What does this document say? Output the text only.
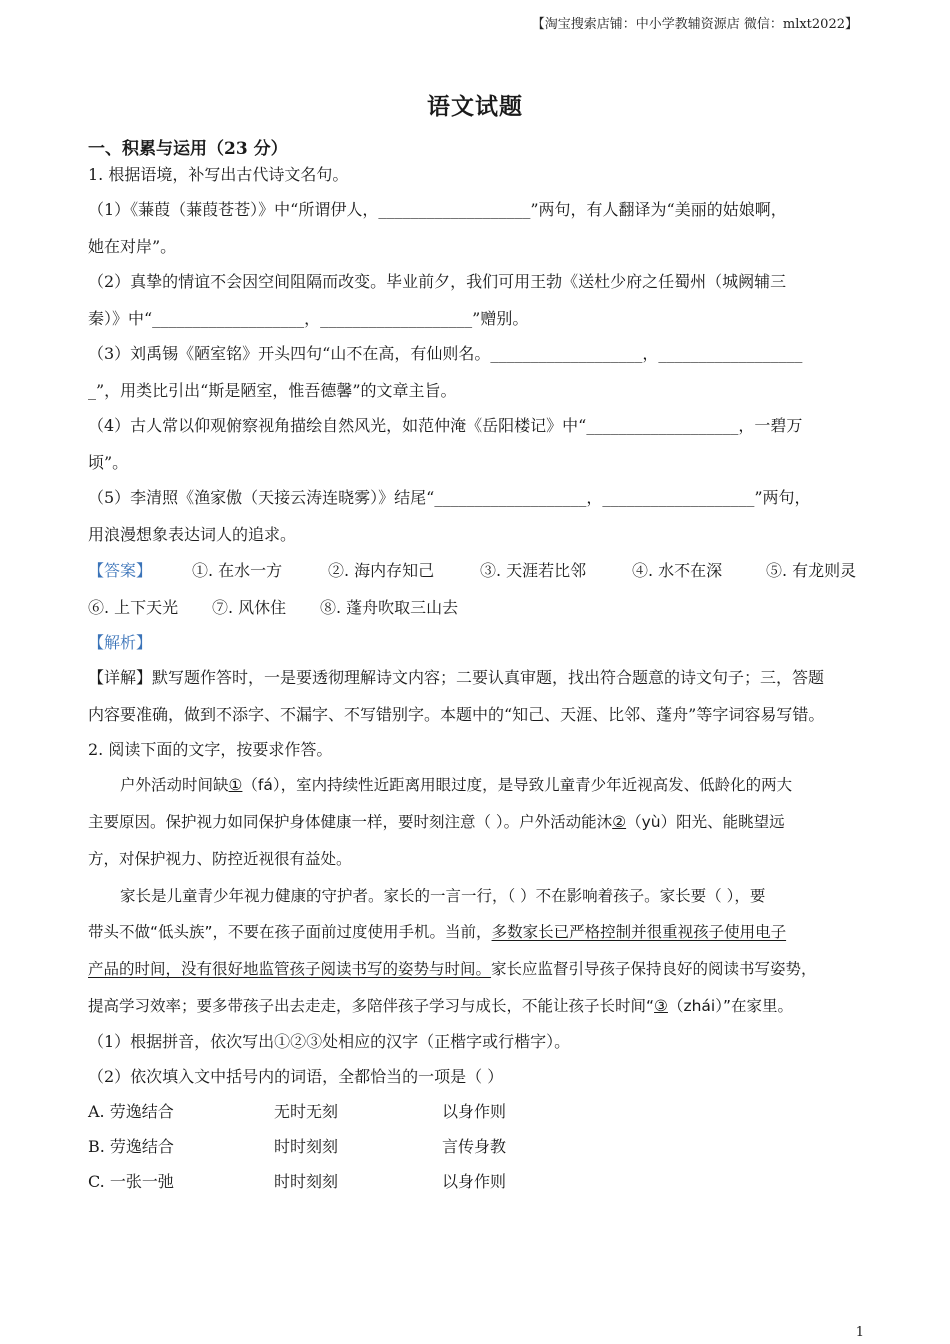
【淘宝搜索店铺：中小学教辅资源店 微信：mlxt2022】
语文试题
一、积累与运用（23 分）
1. 根据语境，补写出古代诗文名句。
（1）《蒹葭（蒹葭苍苍）》中“所谓伊人，___________________”两句，有人翻译为“美丽的姑娘啊，
她在对岸”。
（2）真挚的情谊不会因空间阻隔而改变。毕业前夕，我们可用王勃《送杜少府之任蜀州（城阙辅三
秦）》中“___________________，___________________”赠别。
（3）刘禹锡《陋室铭》开头四句“山不在高，有仙则名。___________________，__________________
_”，用类比引出“斯是陋室，惟吾德馨”的文章主旨。
（4）古人常以仰观俯察视角描绘自然风光，如范仲淹《岳阳楼记》中“___________________，一碧万
顷”。
（5）李清照《渔家傲（天接云涛连晓雾）》结尾“___________________，___________________”两句，
用浪漫想象表达词人的追求。
【答案】 ①. 在水一方	②. 海内存知己	③. 天涯若比邻	④. 水不在深	⑤. 有龙则灵
⑥. 上下天光 ⑦. 风休住 ⑧. 蓬舟吹取三山去
【解析】
【详解】默写题作答时，一是要透彻理解诗文内容；二要认真审题，找出符合题意的诗文句子；三，答题
内容要准确，做到不添字、不漏字、不写错别字。本题中的“知己、天涯、比邻、蓬舟”等字词容易写错。
2. 阅读下面的文字，按要求作答。
户外活动时间缺①（fá），室内持续性近距离用眼过度，是导致儿童青少年近视高发、低龄化的两大
主要原因。保护视力如同保护身体健康一样，要时刻注意（ ）。户外活动能沐②（yù）阳光、能眺望远
方，对保护视力、防控近视很有益处。
家长是儿童青少年视力健康的守护者。家长的一言一行，（ ）不在影响着孩子。家长要（ ），要
带头不做“低头族”，不要在孩子面前过度使用手机。当前，多数家长已严格控制并很重视孩子使用电子
产品的时间，没有很好地监管孩子阅读书写的姿势与时间。家长应监督引导孩子保持良好的阅读书写姿势，
提高学习效率；要多带孩子出去走走，多陪伴孩子学习与成长，不能让孩子长时间“③（zhái）”在家里。
（1）根据拼音，依次写出①②③处相应的汉字（正楷字或行楷字）。
（2）依次填入文中括号内的词语，全都恰当的一项是（ ）
A. 劳逸结合	无时无刻	以身作则
B. 劳逸结合	时时刻刻	言传身教
C. 一张一弛	时时刻刻	以身作则
1
